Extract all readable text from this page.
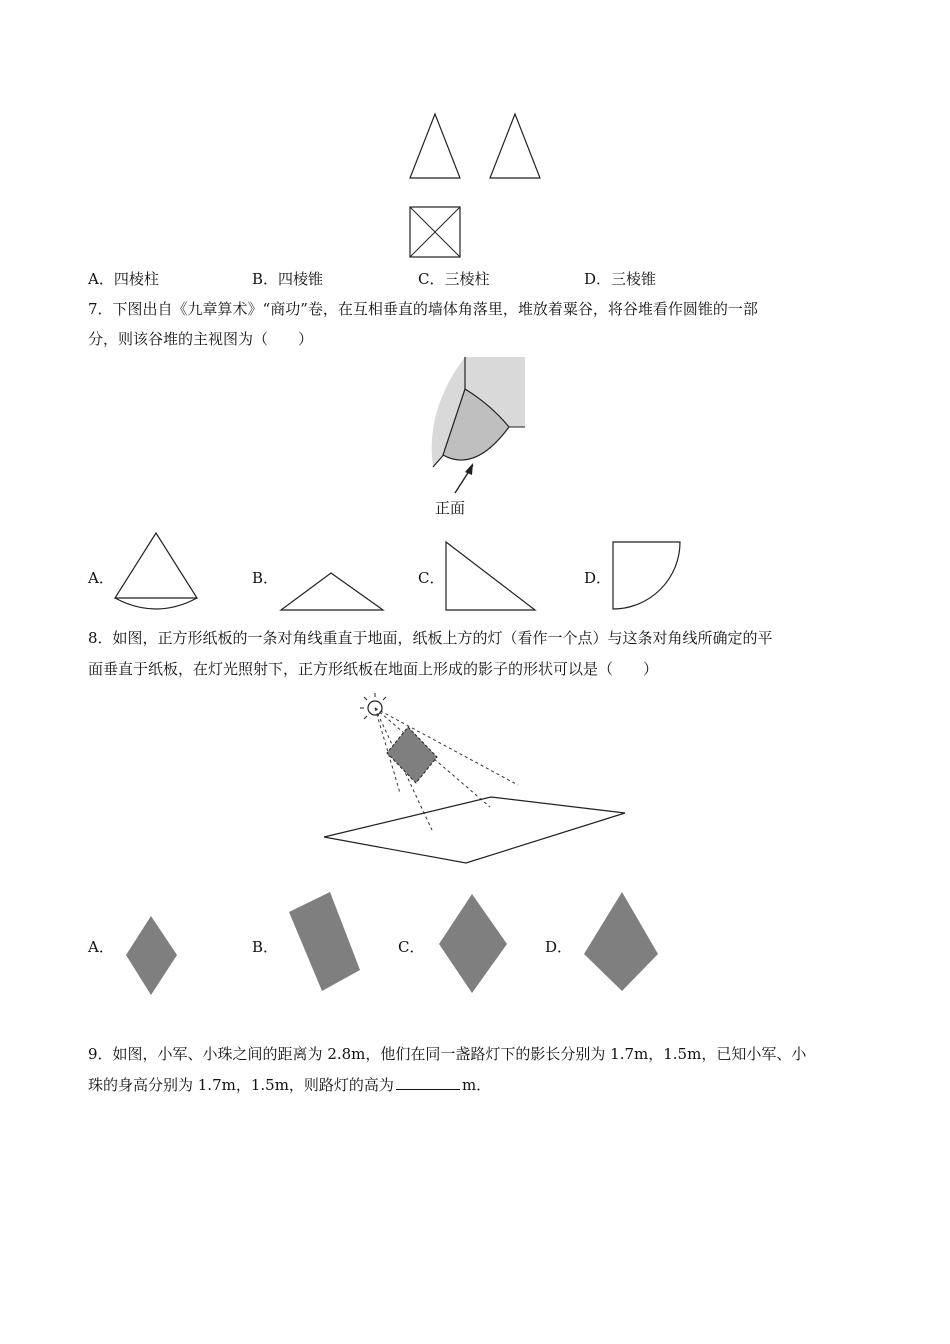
A．四棱柱	B．四棱锥	C．三棱柱	D．三棱锥
7．下图出自《九章算术》“商功”卷，在互相垂直的墙体角落里，堆放着粟谷，将谷堆看作圆锥的一部
分，则该谷堆的主视图为（　　）
正面
A．	B．	C．	D．
8．如图，正方形纸板的一条对角线重直于地面，纸板上方的灯（看作一个点）与这条对角线所确定的平
面垂直于纸板，在灯光照射下，正方形纸板在地面上形成的影子的形状可以是（　　）
A．	B．	C．	D．
9．如图，小军、小珠之间的距离为 2.8m，他们在同一盏路灯下的影长分别为 1.7m，1.5m，已知小军、小
珠的身高分别为 1.7m，1.5m，则路灯的高为	m．
